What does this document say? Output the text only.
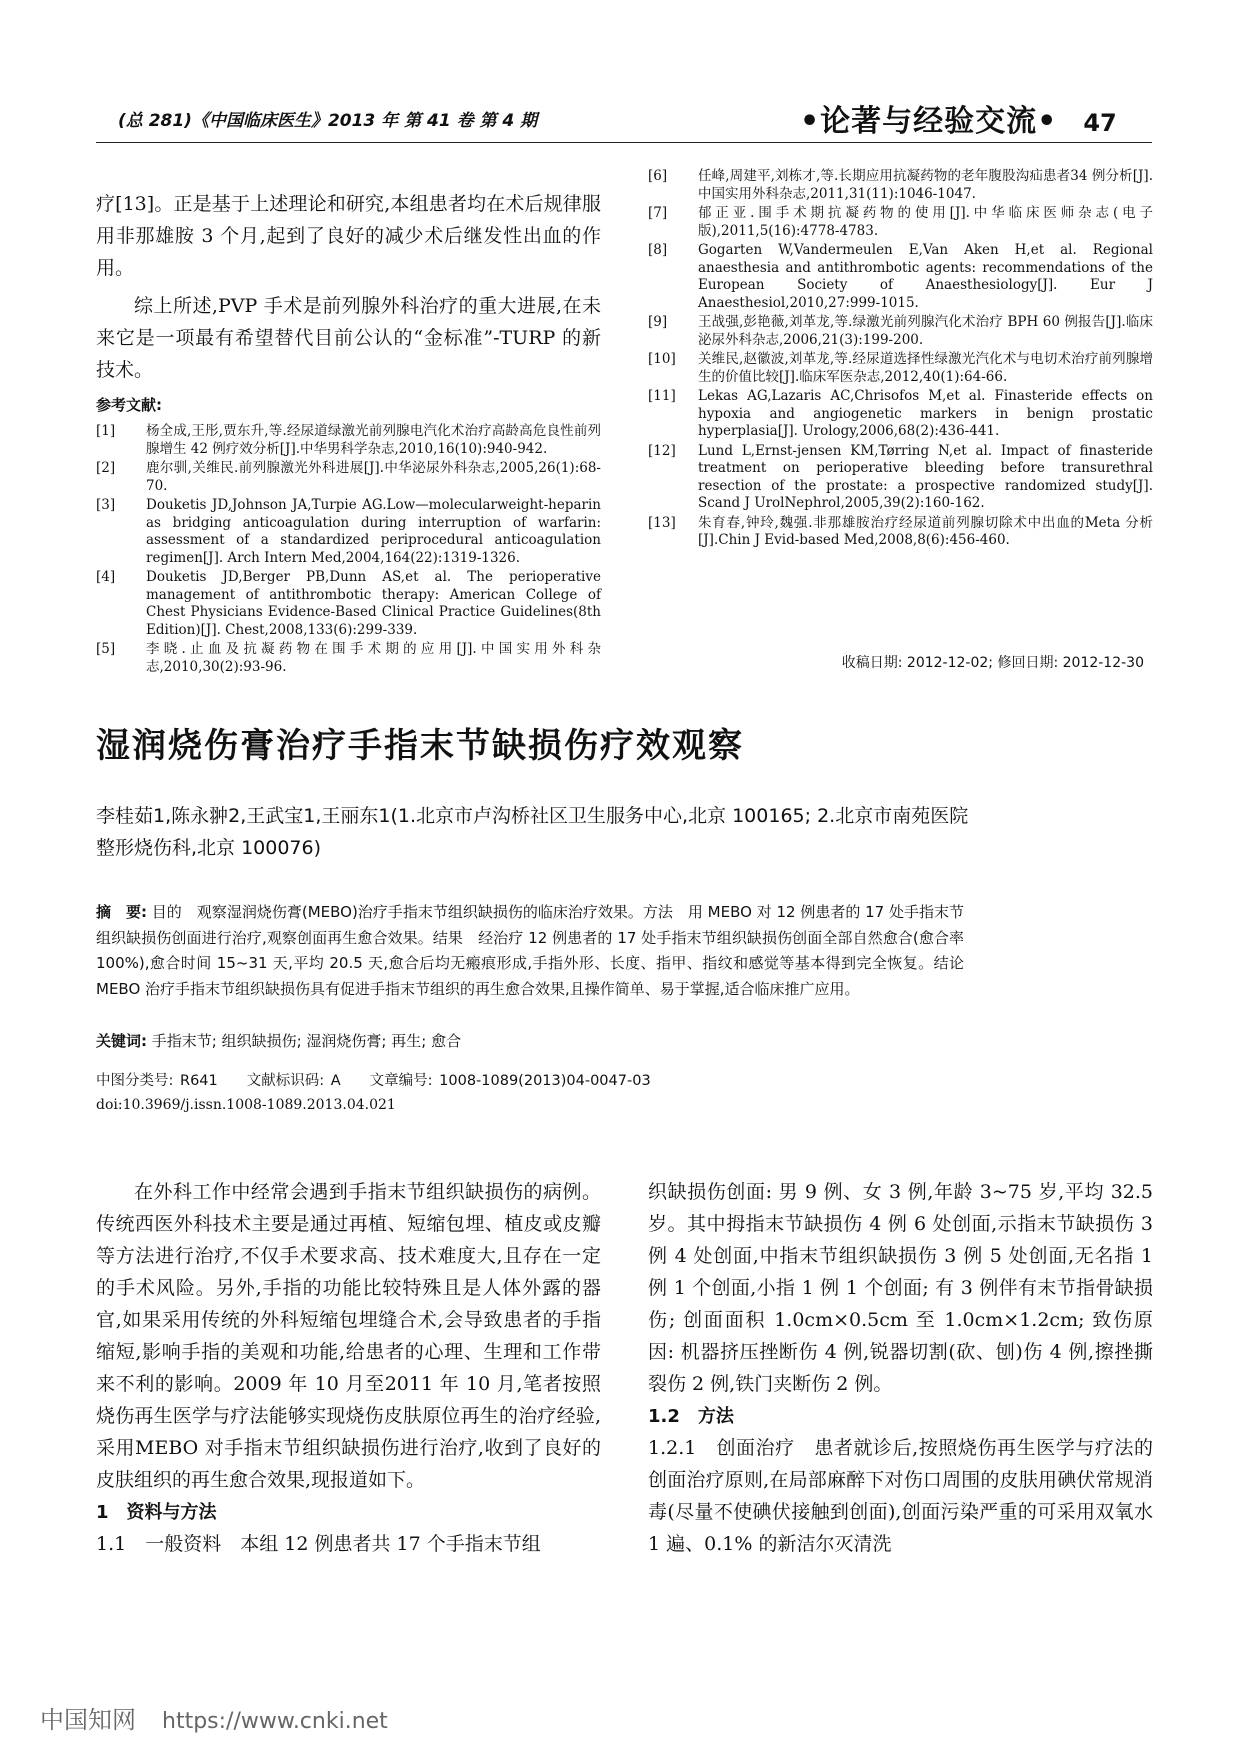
(总 281)《中国临床医生》2013 年 第 41 卷 第 4 期	•论著与经验交流• 47

疗[13]。正是基于上述理论和研究,本组患者均在术后规律服用非那雄胺 3 个月,起到了良好的减少术后继发性出血的作用。

综上所述,PVP 手术是前列腺外科治疗的重大进展,在未来它是一项最有希望替代目前公认的“金标准”-TURP 的新技术。

参考文献:
[1]	杨全成,王彤,贾东升,等.经尿道绿激光前列腺电汽化术治疗高龄高危良性前列腺增生 42 例疗效分析[J].中华男科学杂志,2010,16(10):940-942.
[2]	鹿尔驯,关维民.前列腺激光外科进展[J].中华泌尿外科杂志,2005,26(1):68-70.
[3]	Douketis JD,Johnson JA,Turpie AG.Low—molecularweight-heparin as bridging anticoagulation during interruption of warfarin: assessment of a standardized periprocedural anticoagulation regimen[J]. Arch Intern Med,2004,164(22):1319-1326.
[4]	Douketis JD,Berger PB,Dunn AS,et al. The perioperative management of antithrombotic therapy: American College of Chest Physicians Evidence-Based Clinical Practice Guidelines(8th Edition)[J]. Chest,2008,133(6):299-339.
[5]	李晓.止血及抗凝药物在围手术期的应用[J].中国实用外科杂志,2010,30(2):93-96.
[6]	任峰,周建平,刘栋才,等.长期应用抗凝药物的老年腹股沟疝患者34 例分析[J].中国实用外科杂志,2011,31(11):1046-1047.
[7]	郁正亚.围手术期抗凝药物的使用[J].中华临床医师杂志(电子版),2011,5(16):4778-4783.
[8]	Gogarten W,Vandermeulen E,Van Aken H,et al. Regional anaesthesia and antithrombotic agents: recommendations of the European Society of Anaesthesiology[J]. Eur J Anaesthesiol,2010,27:999-1015.
[9]	王战强,彭艳薇,刘革龙,等.绿激光前列腺汽化术治疗 BPH 60 例报告[J].临床泌尿外科杂志,2006,21(3):199-200.
[10]	关维民,赵徽波,刘革龙,等.经尿道选择性绿激光汽化术与电切术治疗前列腺增生的价值比较[J].临床军医杂志,2012,40(1):64-66.
[11]	Lekas AG,Lazaris AC,Chrisofos M,et al. Finasteride effects on hypoxia and angiogenetic markers in benign prostatic hyperplasia[J]. Urology,2006,68(2):436-441.
[12]	Lund L,Ernst-jensen KM,Tørring N,et al. Impact of finasteride treatment on perioperative bleeding before transurethral resection of the prostate: a prospective randomized study[J]. Scand J UrolNephrol,2005,39(2):160-162.
[13]	朱育春,钟玲,魏强.非那雄胺治疗经尿道前列腺切除术中出血的Meta 分析[J].Chin J Evid-based Med,2008,8(6):456-460.
收稿日期: 2012-12-02; 修回日期: 2012-12-30
湿润烧伤膏治疗手指末节缺损伤疗效观察
李桂茹1,陈永翀2,王武宝1,王丽东1(1.北京市卢沟桥社区卫生服务中心,北京 100165; 2.北京市南苑医院整形烧伤科,北京 100076)
摘　要: 目的　观察湿润烧伤膏(MEBO)治疗手指末节组织缺损伤的临床治疗效果。方法　用 MEBO 对 12 例患者的 17 处手指末节组织缺损伤创面进行治疗,观察创面再生愈合效果。结果　经治疗 12 例患者的 17 处手指末节组织缺损伤创面全部自然愈合(愈合率 100%),愈合时间 15~31 天,平均 20.5 天,愈合后均无瘢痕形成,手指外形、长度、指甲、指纹和感觉等基本得到完全恢复。结论　MEBO 治疗手指末节组织缺损伤具有促进手指末节组织的再生愈合效果,且操作简单、易于掌握,适合临床推广应用。
关键词: 手指末节; 组织缺损伤; 湿润烧伤膏; 再生; 愈合
中图分类号: R641　　文献标识码: A　　文章编号: 1008-1089(2013)04-0047-03
doi:10.3969/j.issn.1008-1089.2013.04.021

在外科工作中经常会遇到手指末节组织缺损伤的病例。传统西医外科技术主要是通过再植、短缩包埋、植皮或皮瓣等方法进行治疗,不仅手术要求高、技术难度大,且存在一定的手术风险。另外,手指的功能比较特殊且是人体外露的器官,如果采用传统的外科短缩包埋缝合术,会导致患者的手指缩短,影响手指的美观和功能,给患者的心理、生理和工作带来不利的影响。2009 年 10 月至2011 年 10 月,笔者按照烧伤再生医学与疗法能够实现烧伤皮肤原位再生的治疗经验,采用MEBO 对手指末节组织缺损伤进行治疗,收到了良好的皮肤组织的再生愈合效果,现报道如下。

1　资料与方法

1.1　一般资料　本组 12 例患者共 17 个手指末节组

织缺损伤创面: 男 9 例、女 3 例,年龄 3~75 岁,平均 32.5 岁。其中拇指末节缺损伤 4 例 6 处创面,示指末节缺损伤 3 例 4 处创面,中指末节组织缺损伤 3 例 5 处创面,无名指 1 例 1 个创面,小指 1 例 1 个创面; 有 3 例伴有末节指骨缺损伤; 创面面积 1.0cm×0.5cm 至 1.0cm×1.2cm; 致伤原因: 机器挤压挫断伤 4 例,锐器切割(砍、刨)伤 4 例,擦挫撕裂伤 2 例,铁门夹断伤 2 例。

1.2　方法

1.2.1　创面治疗　患者就诊后,按照烧伤再生医学与疗法的创面治疗原则,在局部麻醉下对伤口周围的皮肤用碘伏常规消毒(尽量不使碘伏接触到创面),创面污染严重的可采用双氧水 1 遍、0.1% 的新洁尔灭清洗

中国知网 https://www.cnki.net
